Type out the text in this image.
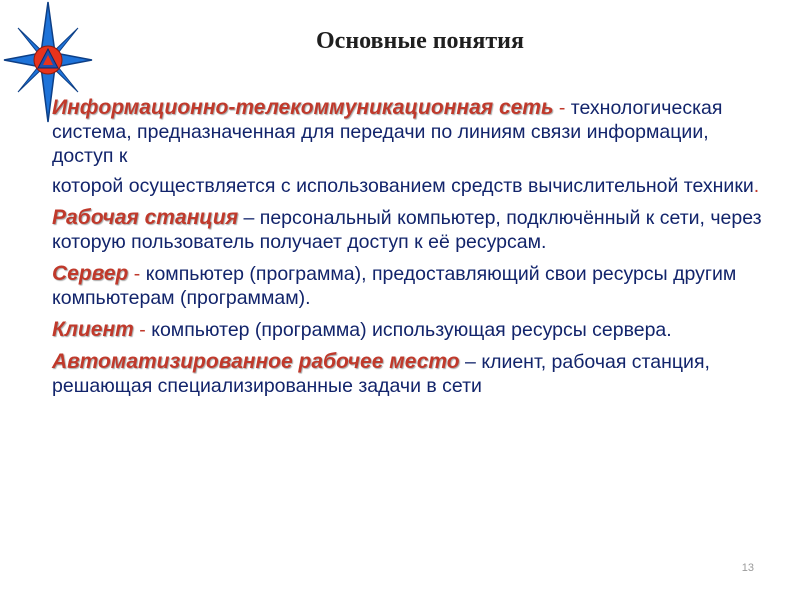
Основные понятия

Информационно-телекоммуникационная сеть - технологическая система, предназначенная для передачи по линиям связи информации, доступ к

которой осуществляется с использованием средств вычислительной техники.

Рабочая станция – персональный компьютер, подключённый к сети, через которую пользователь получает доступ к её ресурсам.

Сервер - компьютер (программа), предоставляющий свои ресурсы другим компьютерам (программам).

Клиент - компьютер (программа) использующая ресурсы сервера.

Автоматизированное рабочее место – клиент, рабочая станция, решающая специализированные задачи в сети

13
